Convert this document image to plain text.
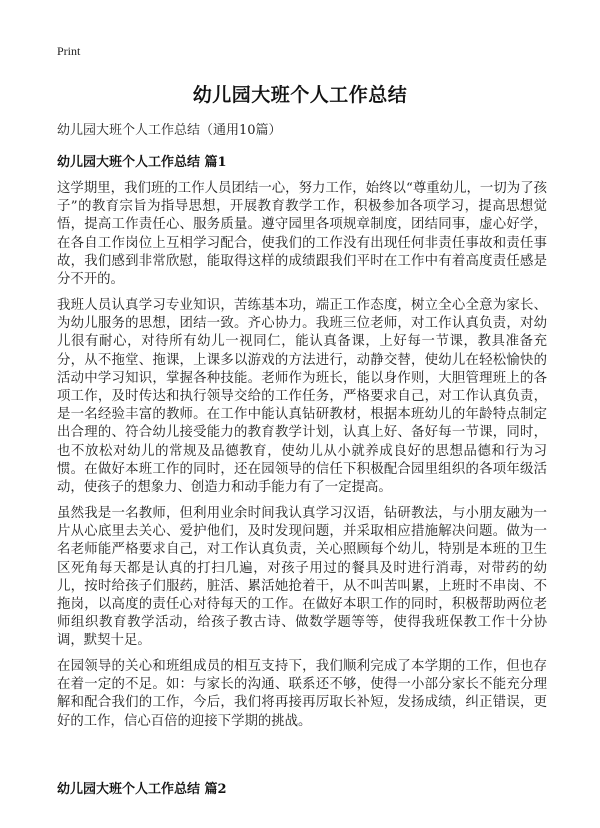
Print
幼儿园大班个人工作总结
幼儿园大班个人工作总结（通用10篇）
幼儿园大班个人工作总结 篇1

这学期里，我们班的工作人员团结一心，努力工作，始终以“尊重幼儿，一切为了孩子”的教育宗旨为指导思想，开展教育教学工作，积极参加各项学习，提高思想觉悟，提高工作责任心、服务质量。遵守园里各项规章制度，团结同事，虚心好学，在各自工作岗位上互相学习配合，使我们的工作没有出现任何非责任事故和责任事故，我们感到非常欣慰，能取得这样的成绩跟我们平时在工作中有着高度责任感是分不开的。

我班人员认真学习专业知识，苦练基本功，端正工作态度，树立全心全意为家长、为幼儿服务的思想，团结一致。齐心协力。我班三位老师，对工作认真负责，对幼儿很有耐心，对待所有幼儿一视同仁，能认真备课，上好每一节课，教具准备充分，从不拖堂、拖课，上课多以游戏的方法进行，动静交替，使幼儿在轻松愉快的活动中学习知识，掌握各种技能。老师作为班长，能以身作则，大胆管理班上的各项工作，及时传达和执行领导交给的工作任务，严格要求自己，对工作认真负责，是一名经验丰富的教师。在工作中能认真钻研教材，根据本班幼儿的年龄特点制定出合理的、符合幼儿接受能力的教育教学计划，认真上好、备好每一节课，同时，也不放松对幼儿的常规及品德教育，使幼儿从小就养成良好的思想品德和行为习惯。在做好本班工作的同时，还在园领导的信任下积极配合园里组织的各项年级活动，使孩子的想象力、创造力和动手能力有了一定提高。

虽然我是一名教师，但利用业余时间我认真学习汉语，钻研教法，与小朋友融为一片从心底里去关心、爱护他们，及时发现问题，并采取相应措施解决问题。做为一名老师能严格要求自己，对工作认真负责，关心照顾每个幼儿，特别是本班的卫生区死角每天都是认真的打扫几遍，对孩子用过的餐具及时进行消毒，对带药的幼儿，按时给孩子们服药，脏活、累活她抢着干，从不叫苦叫累，上班时不串岗、不拖岗，以高度的责任心对待每天的工作。在做好本职工作的同时，积极帮助两位老师组织教育教学活动，给孩子教古诗、做数学题等等，使得我班保教工作十分协调，默契十足。

在园领导的关心和班组成员的相互支持下，我们顺利完成了本学期的工作，但也存在着一定的不足。如：与家长的沟通、联系还不够，使得一小部分家长不能充分理解和配合我们的工作，今后，我们将再接再厉取长补短，发扬成绩，纠正错误，更好的工作，信心百倍的迎接下学期的挑战。

幼儿园大班个人工作总结 篇2
